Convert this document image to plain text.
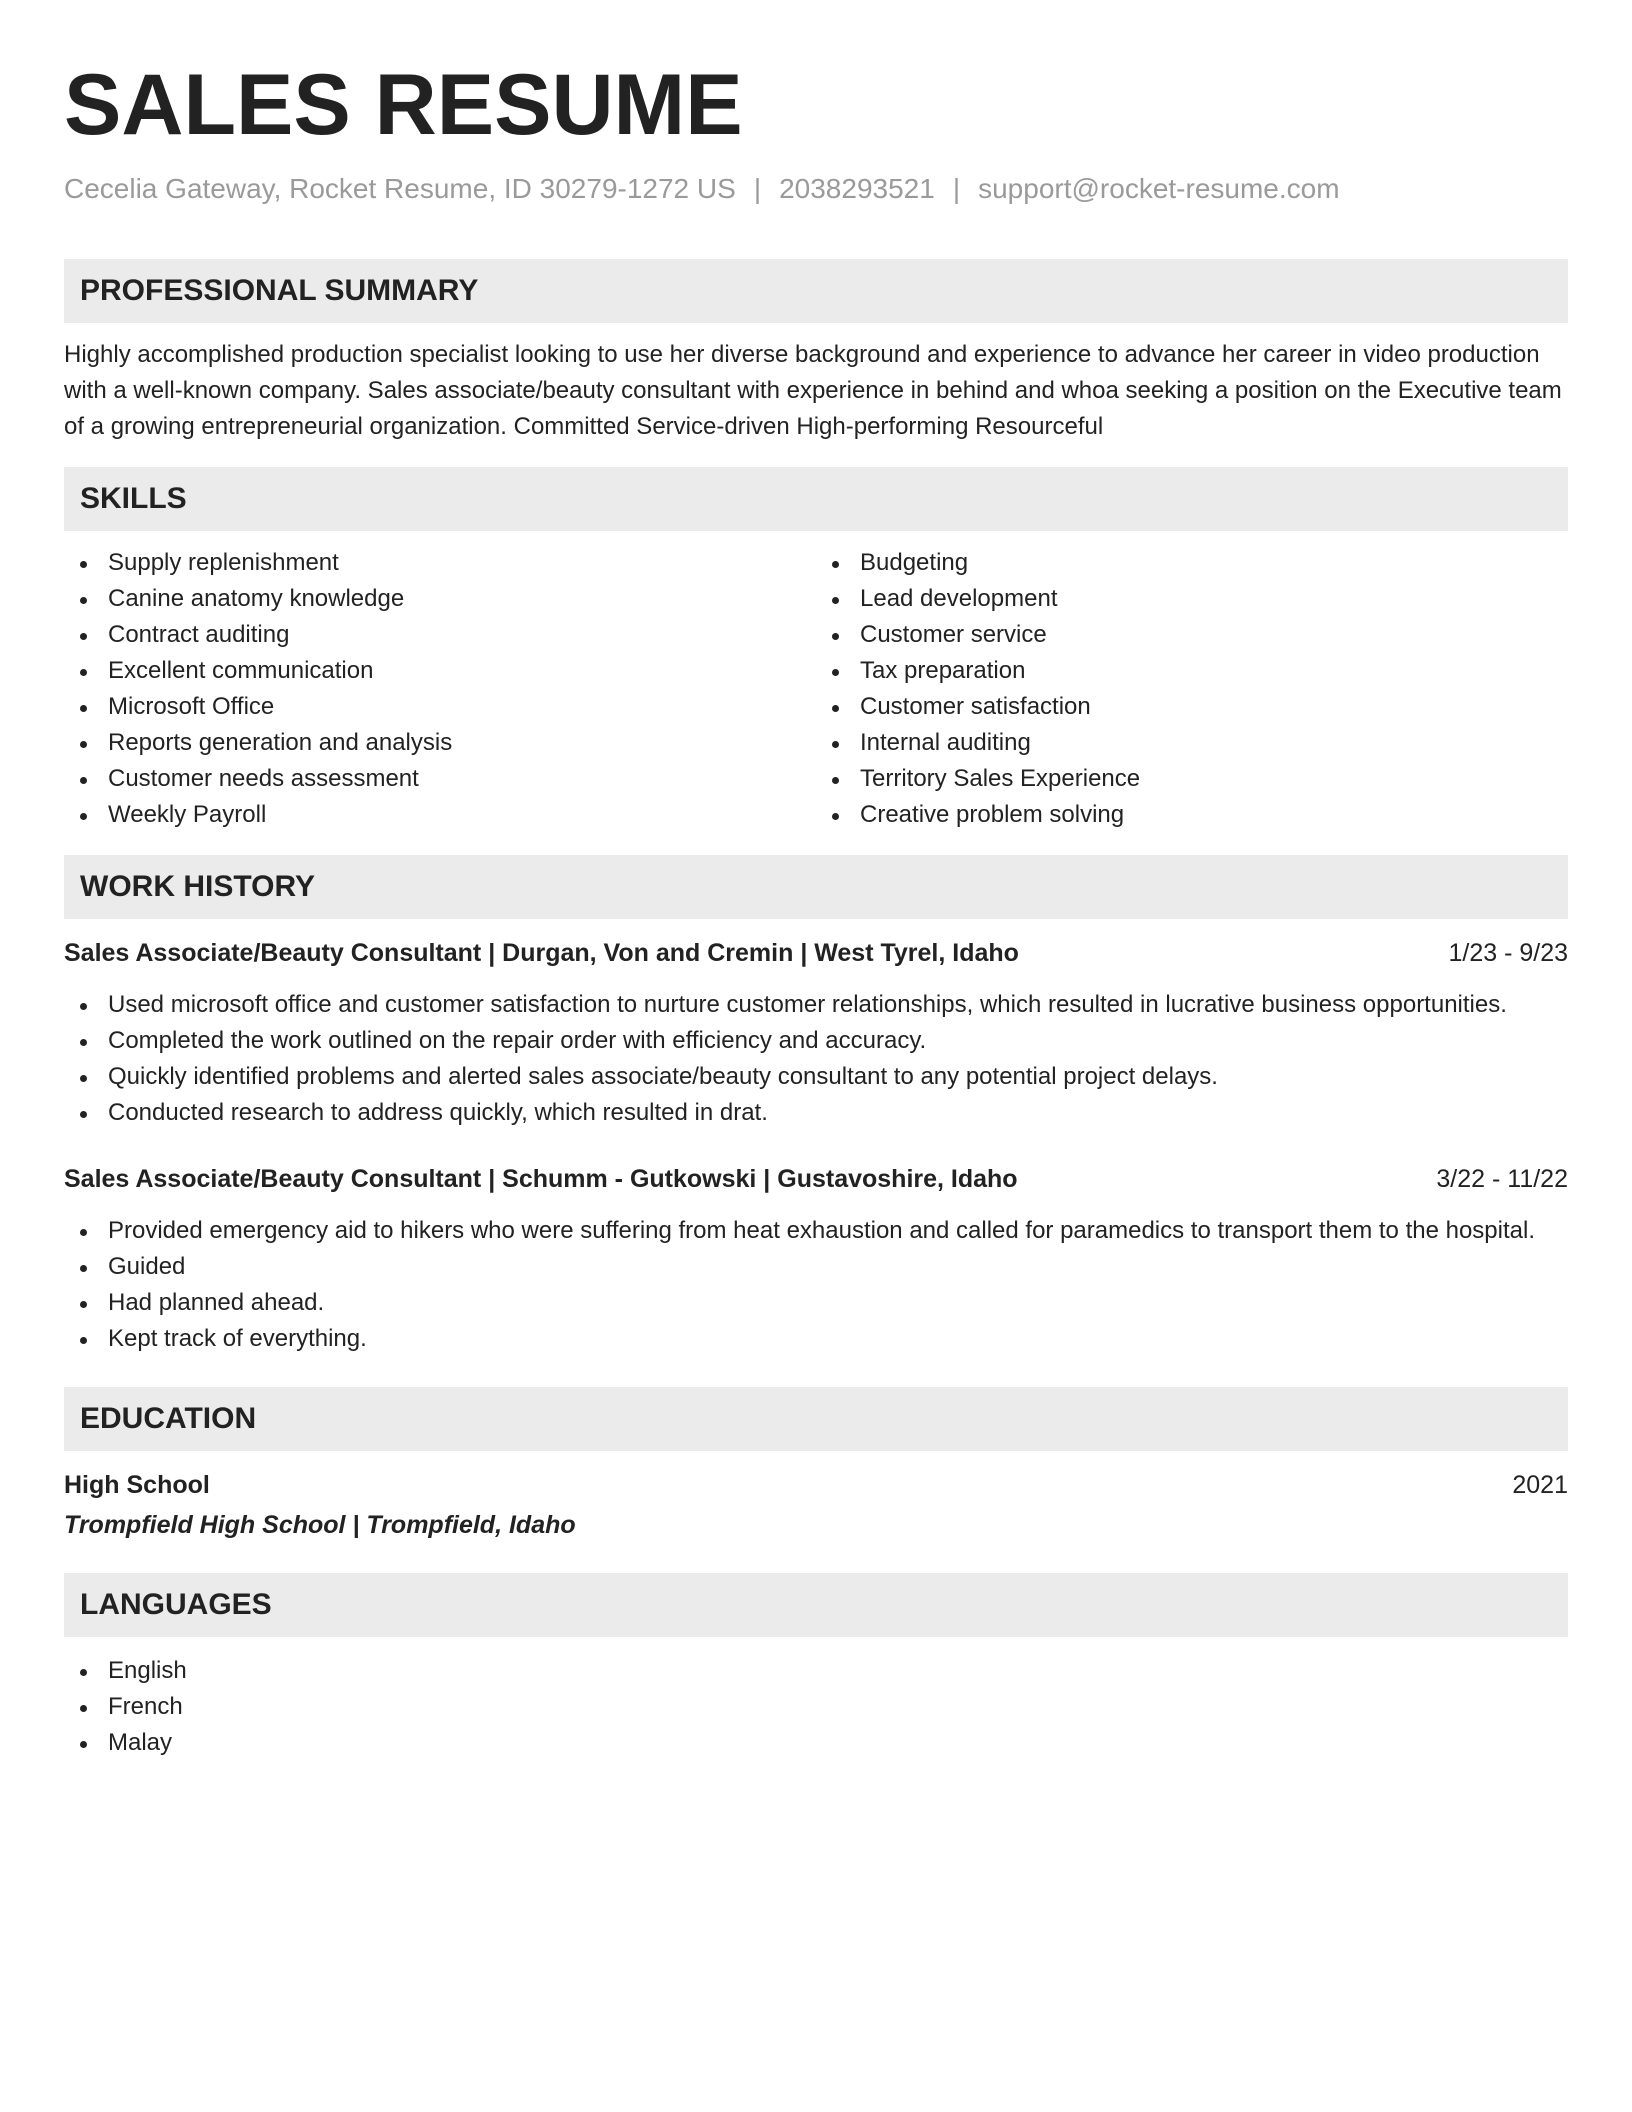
SALES RESUME
Cecelia Gateway, Rocket Resume, ID 30279-1272 US | 2038293521 | support@rocket-resume.com
PROFESSIONAL SUMMARY

Highly accomplished production specialist looking to use her diverse background and experience to advance her career in video production with a well-known company. Sales associate/beauty consultant with experience in behind and whoa seeking a position on the Executive team of a growing entrepreneurial organization. Committed Service-driven High-performing Resourceful

SKILLS
Supply replenishment
Canine anatomy knowledge
Contract auditing
Excellent communication
Microsoft Office
Reports generation and analysis
Customer needs assessment
Weekly Payroll
Budgeting
Lead development
Customer service
Tax preparation
Customer satisfaction
Internal auditing
Territory Sales Experience
Creative problem solving
WORK HISTORY
Sales Associate/Beauty Consultant | Durgan, Von and Cremin | West Tyrel, Idaho	1/23 - 9/23
Used microsoft office and customer satisfaction to nurture customer relationships, which resulted in lucrative business opportunities.
Completed the work outlined on the repair order with efficiency and accuracy.
Quickly identified problems and alerted sales associate/beauty consultant to any potential project delays.
Conducted research to address quickly, which resulted in drat.
Sales Associate/Beauty Consultant | Schumm - Gutkowski | Gustavoshire, Idaho	3/22 - 11/22
Provided emergency aid to hikers who were suffering from heat exhaustion and called for paramedics to transport them to the hospital.
Guided
Had planned ahead.
Kept track of everything.
EDUCATION
High School	2021
Trompfield High School | Trompfield, Idaho
LANGUAGES
English
French
Malay
